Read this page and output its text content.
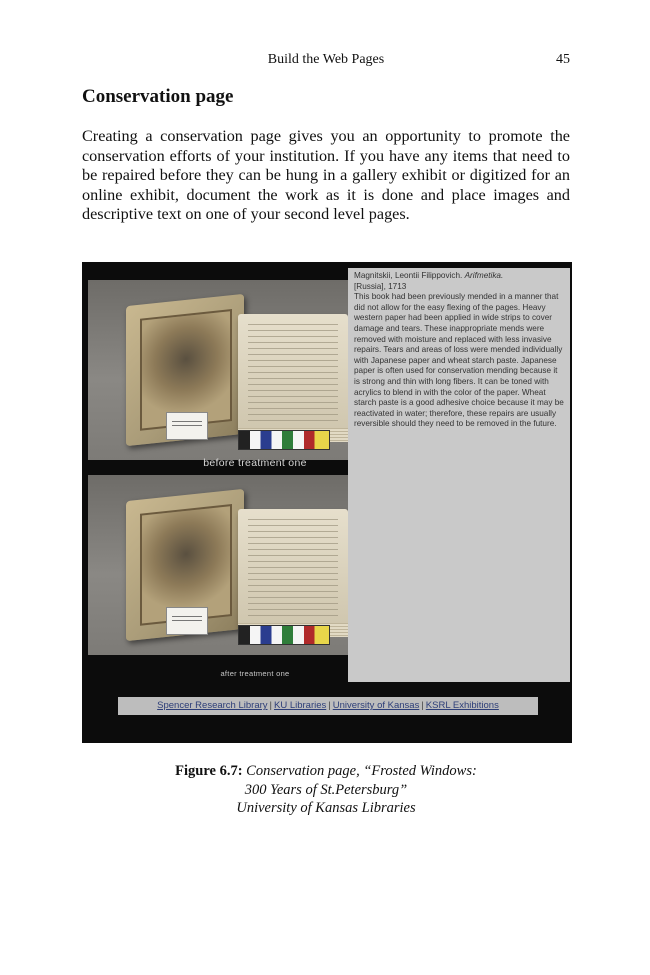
Build the Web Pages	45
Conservation page

Creating a conservation page gives you an opportunity to promote the conservation efforts of your institution. If you have any items that need to be repaired before they can be hung in a gallery exhibit or digitized for an online exhibit, document the work as it is done and place images and descriptive text on one of your second level pages.

before treatment one
after treatment one

Magnitskii, Leontii Filippovich. Arifmetika.

[Russia], 1713

This book had been previously mended in a manner that did not allow for the easy flexing of the pages. Heavy western paper had been applied in wide strips to cover damage and tears. These inappropriate mends were removed with moisture and replaced with less invasive repairs. Tears and areas of loss were mended individually with Japanese paper and wheat starch paste. Japanese paper is often used for conservation mending because it is strong and thin with long fibers. It can be toned with acrylics to blend in with the color of the paper. Wheat starch paste is a good adhesive choice because it may be reactivated in water; therefore, these repairs are usually reversible should they need to be removed in the future.

Spencer Research Library | KU Libraries | University of Kansas | KSRL Exhibitions
Figure 6.7: Conservation page, “Frosted Windows:
300 Years of St.Petersburg”
University of Kansas Libraries
